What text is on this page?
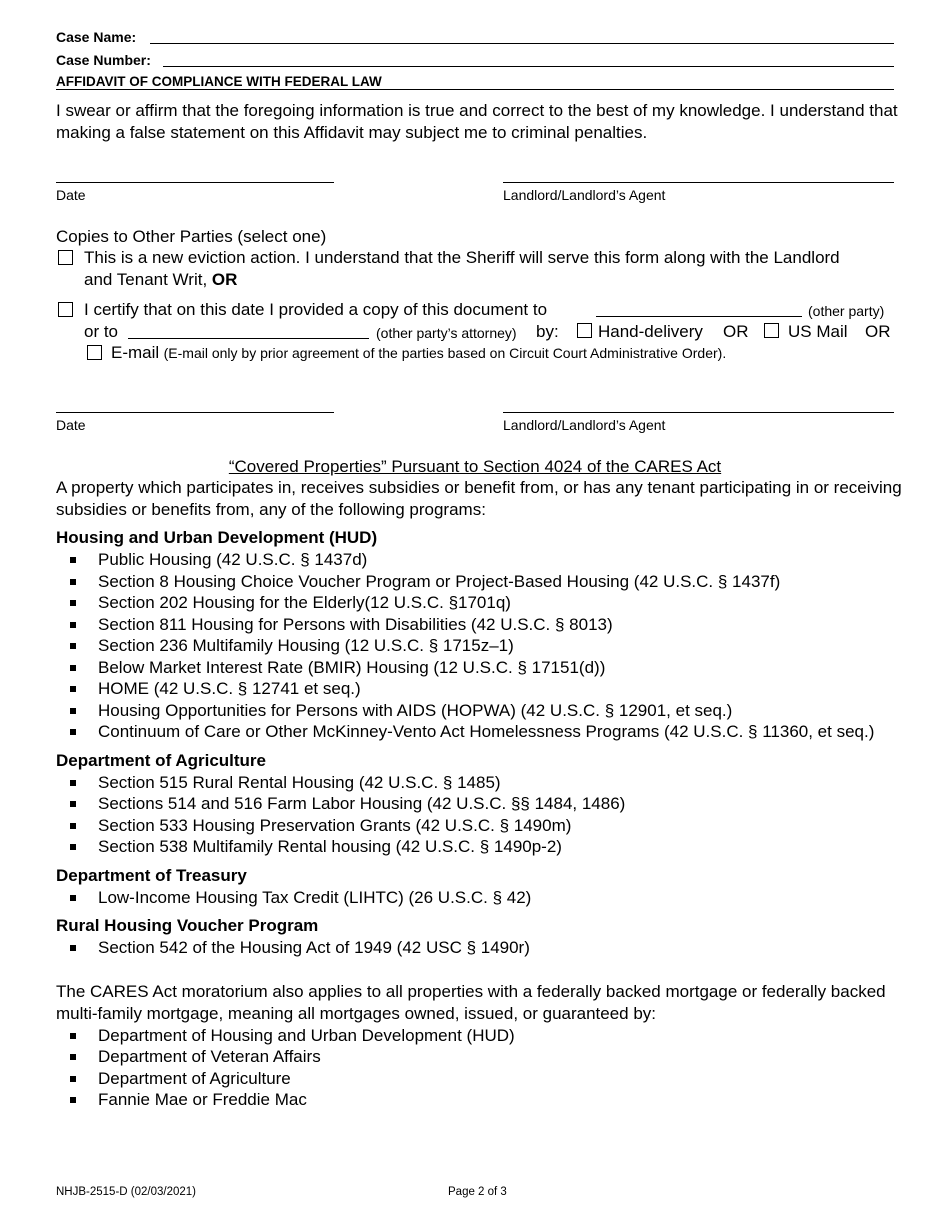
Case Name:
Case Number:
AFFIDAVIT OF COMPLIANCE WITH FEDERAL LAW
I swear or affirm that the foregoing information is true and correct to the best of my knowledge. I understand that making a false statement on this Affidavit may subject me to criminal penalties.
Date	Landlord/Landlord’s Agent
Copies to Other Parties (select one)
This is a new eviction action. I understand that the Sheriff will serve this form along with the Landlord and Tenant Writ, OR
I certify that on this date I provided a copy of this document to	(other party)
or to	(other party’s attorney) by: Hand-delivery OR US Mail OR
E-mail (E-mail only by prior agreement of the parties based on Circuit Court Administrative Order).
Date	Landlord/Landlord’s Agent
“Covered Properties” Pursuant to Section 4024 of the CARES Act
A property which participates in, receives subsidies or benefit from, or has any tenant participating in or receiving subsidies or benefits from, any of the following programs:
Housing and Urban Development (HUD)
Public Housing (42 U.S.C. § 1437d)
Section 8 Housing Choice Voucher Program or Project-Based Housing (42 U.S.C. § 1437f)
Section 202 Housing for the Elderly(12 U.S.C. §1701q)
Section 811 Housing for Persons with Disabilities (42 U.S.C. § 8013)
Section 236 Multifamily Housing (12 U.S.C. § 1715z–1)
Below Market Interest Rate (BMIR) Housing (12 U.S.C. § 17151(d))
HOME (42 U.S.C. § 12741 et seq.)
Housing Opportunities for Persons with AIDS (HOPWA) (42 U.S.C. § 12901, et seq.)
Continuum of Care or Other McKinney-Vento Act Homelessness Programs (42 U.S.C. § 11360, et seq.)
Department of Agriculture
Section 515 Rural Rental Housing (42 U.S.C. § 1485)
Sections 514 and 516 Farm Labor Housing (42 U.S.C. §§ 1484, 1486)
Section 533 Housing Preservation Grants (42 U.S.C. § 1490m)
Section 538 Multifamily Rental housing (42 U.S.C. § 1490p-2)
Department of Treasury
Low-Income Housing Tax Credit (LIHTC) (26 U.S.C. § 42)
Rural Housing Voucher Program
Section 542 of the Housing Act of 1949 (42 USC § 1490r)
The CARES Act moratorium also applies to all properties with a federally backed mortgage or federally backed multi-family mortgage, meaning all mortgages owned, issued, or guaranteed by:
Department of Housing and Urban Development (HUD)
Department of Veteran Affairs
Department of Agriculture
Fannie Mae or Freddie Mac
NHJB-2515-D (02/03/2021)	Page 2 of 3
